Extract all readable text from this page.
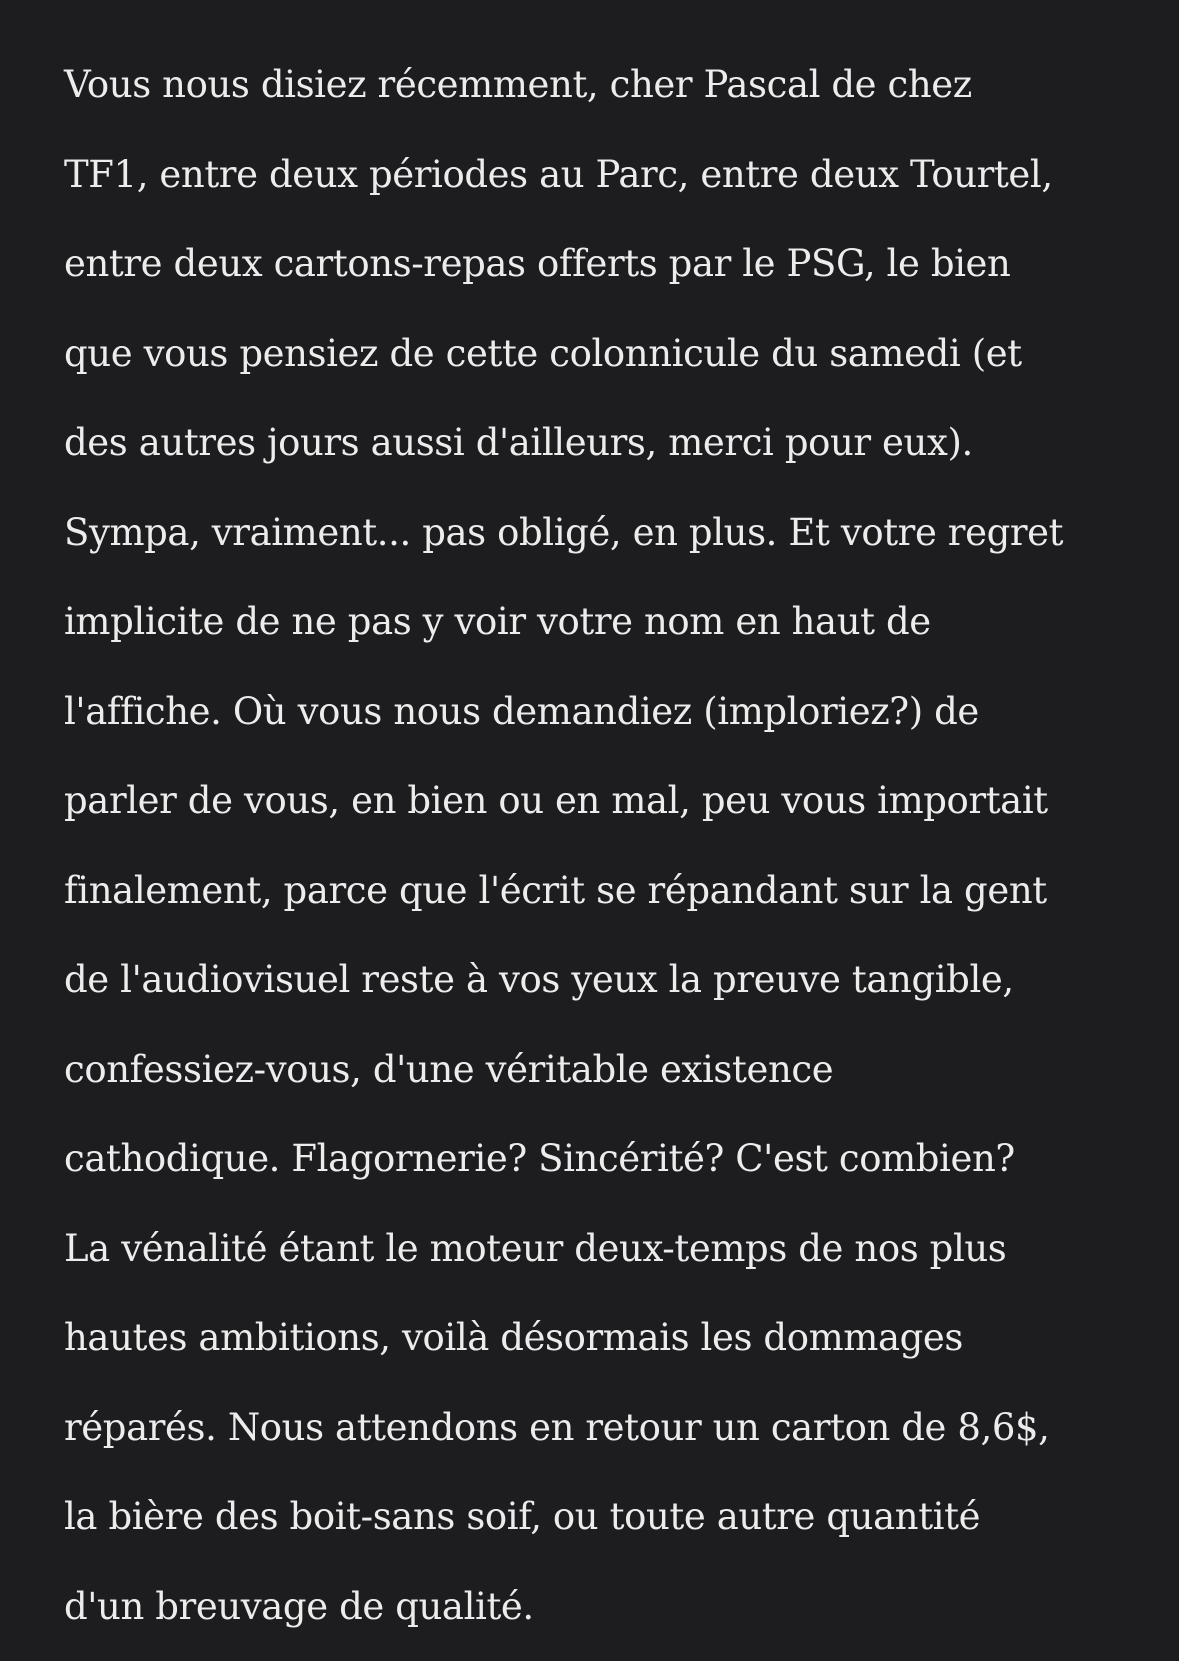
Vous nous disiez récemment, cher Pascal de chez
TF1, entre deux périodes au Parc, entre deux Tourtel,
entre deux cartons-repas offerts par le PSG, le bien
que vous pensiez de cette colonnicule du samedi (et
des autres jours aussi d'ailleurs, merci pour eux).
Sympa, vraiment... pas obligé, en plus. Et votre regret
implicite de ne pas y voir votre nom en haut de
l'affiche. Où vous nous demandiez (imploriez?) de
parler de vous, en bien ou en mal, peu vous importait
finalement, parce que l'écrit se répandant sur la gent
de l'audiovisuel reste à vos yeux la preuve tangible,
confessiez-vous, d'une véritable existence
cathodique. Flagornerie? Sincérité? C'est combien?
La vénalité étant le moteur deux-temps de nos plus
hautes ambitions, voilà désormais les dommages
réparés. Nous attendons en retour un carton de 8,6$,
la bière des boit-sans soif, ou toute autre quantité
d'un breuvage de qualité.
